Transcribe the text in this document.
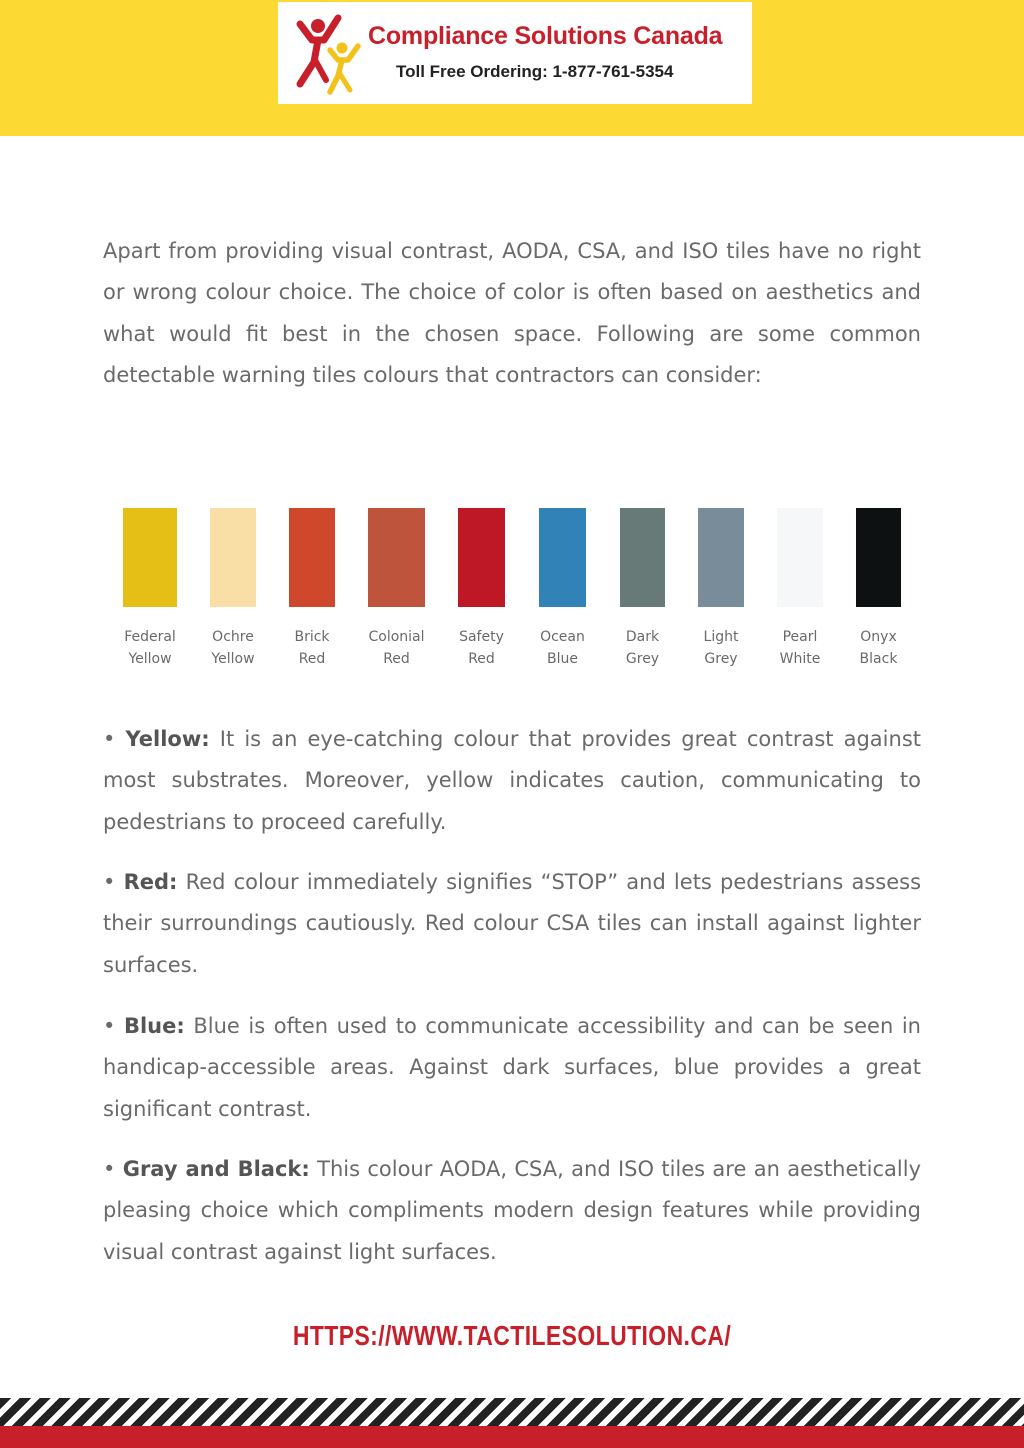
Compliance Solutions Canada
Toll Free Ordering: 1-877-761-5354

Apart from providing visual contrast, AODA, CSA, and ISO tiles have no right or wrong colour choice. The choice of color is often based on aesthetics and what would fit best in the chosen space. Following are some common detectable warning tiles colours that contractors can consider:

Federal
Yellow
Ochre
Yellow
Brick
Red
Colonial
Red
Safety
Red
Ocean
Blue
Dark
Grey
Light
Grey
Pearl
White
Onyx
Black

• Yellow: It is an eye-catching colour that provides great contrast against most substrates. Moreover, yellow indicates caution, communicating to pedestrians to proceed carefully.

• Red: Red colour immediately signifies “STOP” and lets pedestrians assess their surroundings cautiously. Red colour CSA tiles can install against lighter surfaces.

• Blue: Blue is often used to communicate accessibility and can be seen in handicap-accessible areas. Against dark surfaces, blue provides a great significant contrast.

• Gray and Black: This colour AODA, CSA, and ISO tiles are an aesthetically pleasing choice which compliments modern design features while providing visual contrast against light surfaces.

HTTPS://WWW.TACTILESOLUTION.CA/
